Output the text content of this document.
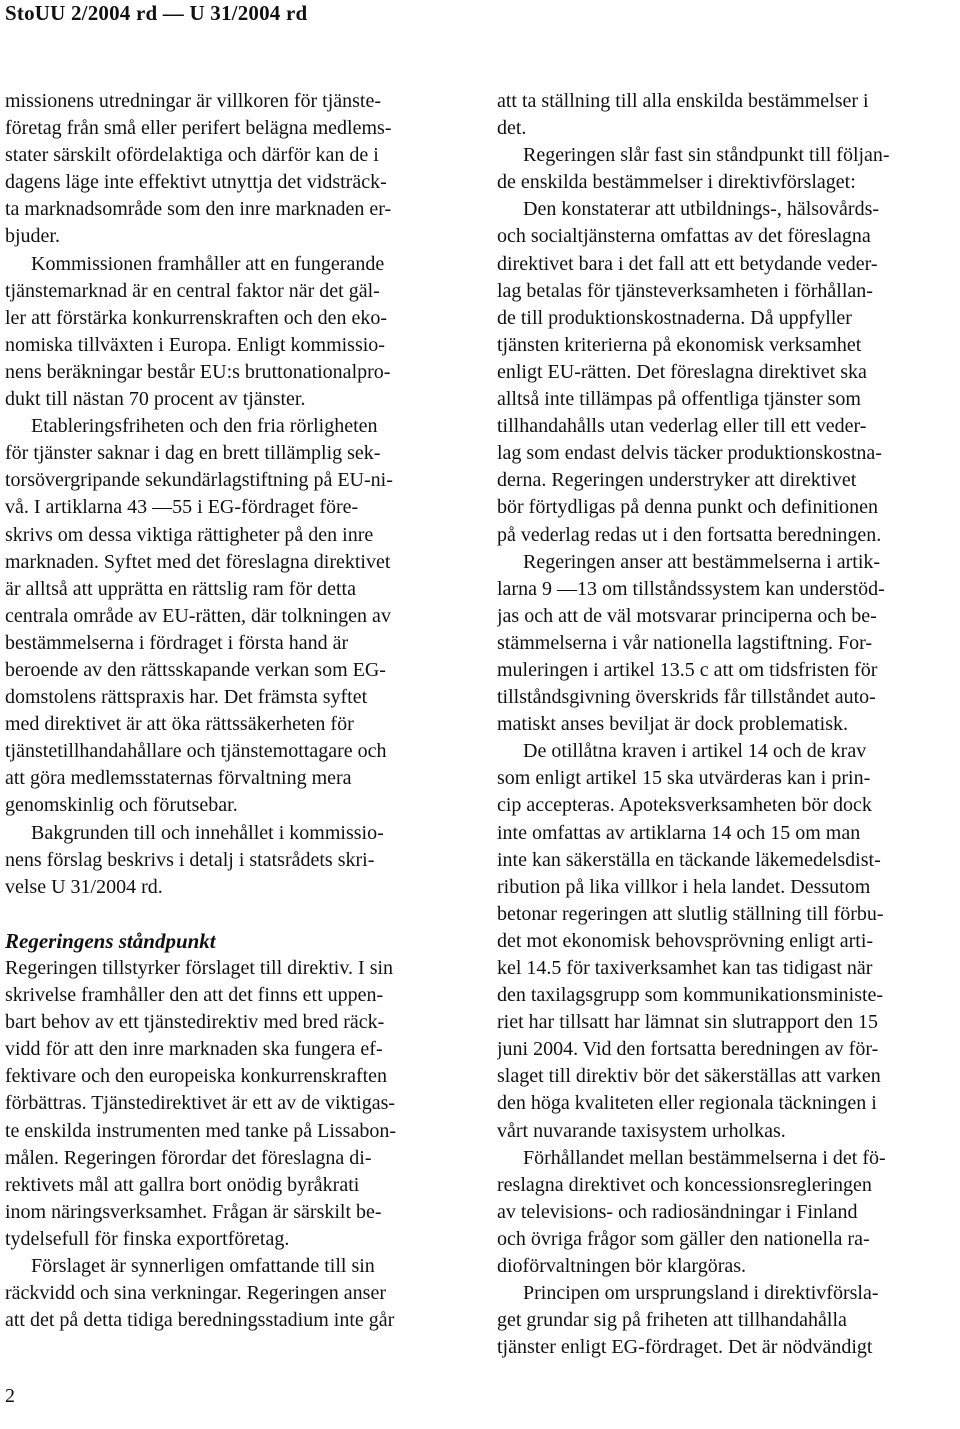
StoUU 2/2004 rd — U 31/2004 rd
missionens utredningar är villkoren för tjänste-
företag från små eller perifert belägna medlems-
stater särskilt ofördelaktiga och därför kan de i
dagens läge inte effektivt utnyttja det vidsträck-
ta marknadsområde som den inre marknaden er-
bjuder.
Kommissionen framhåller att en fungerande
tjänstemarknad är en central faktor när det gäl-
ler att förstärka konkurrenskraften och den eko-
nomiska tillväxten i Europa. Enligt kommissio-
nens beräkningar består EU:s bruttonationalpro-
dukt till nästan 70 procent av tjänster.
Etableringsfriheten och den fria rörligheten
för tjänster saknar i dag en brett tillämplig sek-
torsövergripande sekundärlagstiftning på EU-ni-
vå. I artiklarna 43 —55 i EG-fördraget före-
skrivs om dessa viktiga rättigheter på den inre
marknaden. Syftet med det föreslagna direktivet
är alltså att upprätta en rättslig ram för detta
centrala område av EU-rätten, där tolkningen av
bestämmelserna i fördraget i första hand är
beroende av den rättsskapande verkan som EG-
domstolens rättspraxis har. Det främsta syftet
med direktivet är att öka rättssäkerheten för
tjänstetillhandahållare och tjänstemottagare och
att göra medlemsstaternas förvaltning mera
genomskinlig och förutsebar.
Bakgrunden till och innehållet i kommissio-
nens förslag beskrivs i detalj i statsrådets skri-
velse U 31/2004 rd.
Regeringens ståndpunkt
Regeringen tillstyrker förslaget till direktiv. I sin
skrivelse framhåller den att det finns ett uppen-
bart behov av ett tjänstedirektiv med bred räck-
vidd för att den inre marknaden ska fungera ef-
fektivare och den europeiska konkurrenskraften
förbättras. Tjänstedirektivet är ett av de viktigas-
te enskilda instrumenten med tanke på Lissabon-
målen. Regeringen förordar det föreslagna di-
rektivets mål att gallra bort onödig byråkrati
inom näringsverksamhet. Frågan är särskilt be-
tydelsefull för finska exportföretag.
Förslaget är synnerligen omfattande till sin
räckvidd och sina verkningar. Regeringen anser
att det på detta tidiga beredningsstadium inte går
att ta ställning till alla enskilda bestämmelser i
det.
Regeringen slår fast sin ståndpunkt till följan-
de enskilda bestämmelser i direktivförslaget:
Den konstaterar att utbildnings-, hälsovårds-
och socialtjänsterna omfattas av det föreslagna
direktivet bara i det fall att ett betydande veder-
lag betalas för tjänsteverksamheten i förhållan-
de till produktionskostnaderna. Då uppfyller
tjänsten kriterierna på ekonomisk verksamhet
enligt EU-rätten. Det föreslagna direktivet ska
alltså inte tillämpas på offentliga tjänster som
tillhandahålls utan vederlag eller till ett veder-
lag som endast delvis täcker produktionskostna-
derna. Regeringen understryker att direktivet
bör förtydligas på denna punkt och definitionen
på vederlag redas ut i den fortsatta beredningen.
Regeringen anser att bestämmelserna i artik-
larna 9 —13 om tillståndssystem kan understöd-
jas och att de väl motsvarar principerna och be-
stämmelserna i vår nationella lagstiftning. For-
muleringen i artikel 13.5 c att om tidsfristen för
tillståndsgivning överskrids får tillståndet auto-
matiskt anses beviljat är dock problematisk.
De otillåtna kraven i artikel 14 och de krav
som enligt artikel 15 ska utvärderas kan i prin-
cip accepteras. Apoteksverksamheten bör dock
inte omfattas av artiklarna 14 och 15 om man
inte kan säkerställa en täckande läkemedelsdist-
ribution på lika villkor i hela landet. Dessutom
betonar regeringen att slutlig ställning till förbu-
det mot ekonomisk behovsprövning enligt arti-
kel 14.5 för taxiverksamhet kan tas tidigast när
den taxilagsgrupp som kommunikationsministe-
riet har tillsatt har lämnat sin slutrapport den 15
juni 2004. Vid den fortsatta beredningen av för-
slaget till direktiv bör det säkerställas att varken
den höga kvaliteten eller regionala täckningen i
vårt nuvarande taxisystem urholkas.
Förhållandet mellan bestämmelserna i det fö-
reslagna direktivet och koncessionsregleringen
av televisions- och radiosändningar i Finland
och övriga frågor som gäller den nationella ra-
dioförvaltningen bör klargöras.
Principen om ursprungsland i direktivförsla-
get grundar sig på friheten att tillhandahålla
tjänster enligt EG-fördraget. Det är nödvändigt
2
